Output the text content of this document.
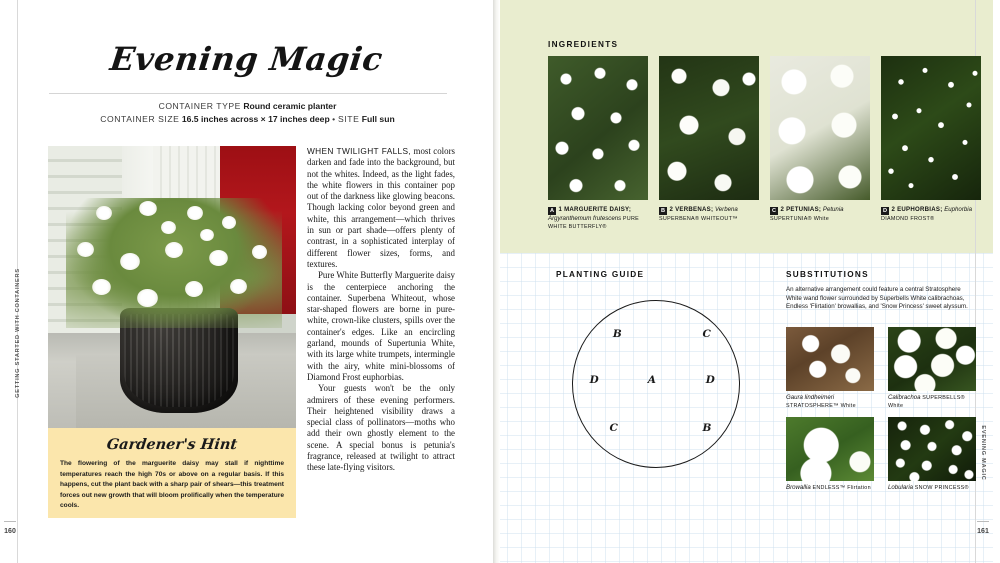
GETTING STARTED WITH CONTAINERS
160
Evening Magic
CONTAINER TYPE Round ceramic planter
CONTAINER SIZE 16.5 inches across × 17 inches deep • SITE Full sun

WHEN TWILIGHT FALLS, most colors darken and fade into the background, but not the whites. Indeed, as the light fades, the white flowers in this container pop out of the darkness like glowing beacons. Though lacking color beyond green and white, this arrangement—which thrives in sun or part shade—offers plenty of contrast, in a sophisticated interplay of different flower sizes, forms, and textures.

Pure White Butterfly Marguerite daisy is the centerpiece anchoring the container. Superbena Whiteout, whose star-shaped flowers are borne in pure-white, crown-like clusters, spills over the container's edges. Like an encircling garland, mounds of Supertunia White, with its large white trumpets, intermingle with the airy, white mini-blossoms of Diamond Frost euphorbias.

Your guests won't be the only admirers of these evening performers. Their heightened visibility draws a special class of pollinators—moths who add their own ghostly element to the scene. A special bonus is petunia's fragrance, released at twilight to attract these late-flying visitors.

Gardener's Hint
The flowering of the marguerite daisy may stall if nighttime temperatures reach the high 70s or above on a regular basis. If this happens, cut the plant back with a sharp pair of shears—this treatment forces out new growth that will bloom prolifically when the temperature cools.
EVENING MAGIC
161
INGREDIENTS
A 1 MARGUERITE DAISY; Argyranthemum frutescens PURE WHITE BUTTERFLY®
B 2 VERBENAS; Verbena SUPERBENA® WHITEOUT™
C 2 PETUNIAS; Petunia SUPERTUNIA® White
D 2 EUPHORBIAS; Euphorbia DIAMOND FROST®
PLANTING GUIDE
B	C
D	A	D
C	B
SUBSTITUTIONS
An alternative arrangement could feature a central Stratosphere White wand flower surrounded by Superbells White calibrachoas, Endless 'Flirtation' browallias, and 'Snow Princess' sweet alyssum.
Gaura lindheimeri STRATOSPHERE™ White
Calibrachoa SUPERBELLS® White
Browallia ENDLESS™ Flirtation	Lobularia SNOW PRINCESS®
